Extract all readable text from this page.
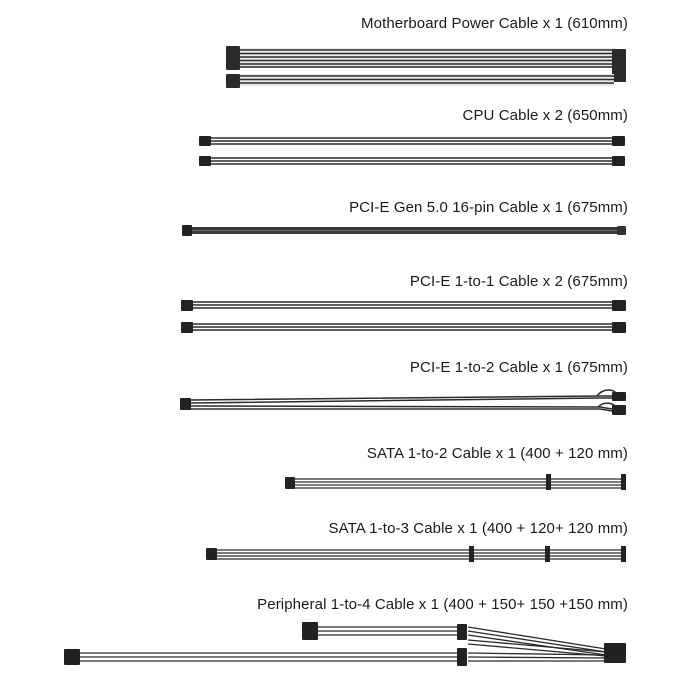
Motherboard Power Cable x 1 (610mm)
CPU Cable x 2 (650mm)
PCI-E Gen 5.0 16-pin Cable x 1 (675mm)
PCI-E 1-to-1 Cable x 2 (675mm)
PCI-E 1-to-2 Cable x 1 (675mm)
SATA 1-to-2 Cable x 1 (400 + 120 mm)
SATA 1-to-3 Cable x 1 (400 + 120+ 120 mm)
Peripheral 1-to-4 Cable x 1 (400 + 150+ 150 +150 mm)
